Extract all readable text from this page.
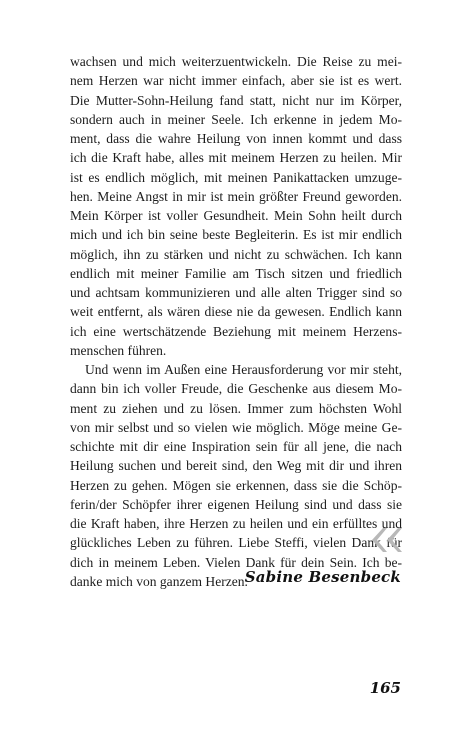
wachsen und mich weiterzuentwickeln. Die Reise zu mei-
nem Herzen war nicht immer einfach, aber sie ist es wert.
Die Mutter-Sohn-Heilung fand statt, nicht nur im Körper,
sondern auch in meiner Seele. Ich erkenne in jedem Mo-
ment, dass die wahre Heilung von innen kommt und dass
ich die Kraft habe, alles mit meinem Herzen zu heilen. Mir
ist es endlich möglich, mit meinen Panikattacken umzuge-
hen. Meine Angst in mir ist mein größter Freund geworden.
Mein Körper ist voller Gesundheit. Mein Sohn heilt durch
mich und ich bin seine beste Begleiterin. Es ist mir endlich
möglich, ihn zu stärken und nicht zu schwächen. Ich kann
endlich mit meiner Familie am Tisch sitzen und friedlich
und achtsam kommunizieren und alle alten Trigger sind so
weit entfernt, als wären diese nie da gewesen. Endlich kann
ich eine wertschätzende Beziehung mit meinem Herzens-
menschen führen.
Und wenn im Außen eine Herausforderung vor mir steht,
dann bin ich voller Freude, die Geschenke aus diesem Mo-
ment zu ziehen und zu lösen. Immer zum höchsten Wohl
von mir selbst und so vielen wie möglich. Möge meine Ge-
schichte mit dir eine Inspiration sein für all jene, die nach
Heilung suchen und bereit sind, den Weg mit dir und ihren
Herzen zu gehen. Mögen sie erkennen, dass sie die Schöp-
ferin/der Schöpfer ihrer eigenen Heilung sind und dass sie
die Kraft haben, ihre Herzen zu heilen und ein erfülltes und
glückliches Leben zu führen. Liebe Steffi, vielen Dank für
dich in meinem Leben. Vielen Dank für dein Sein. Ich be-
danke mich von ganzem Herzen.
Sabine Besenbeck
165
